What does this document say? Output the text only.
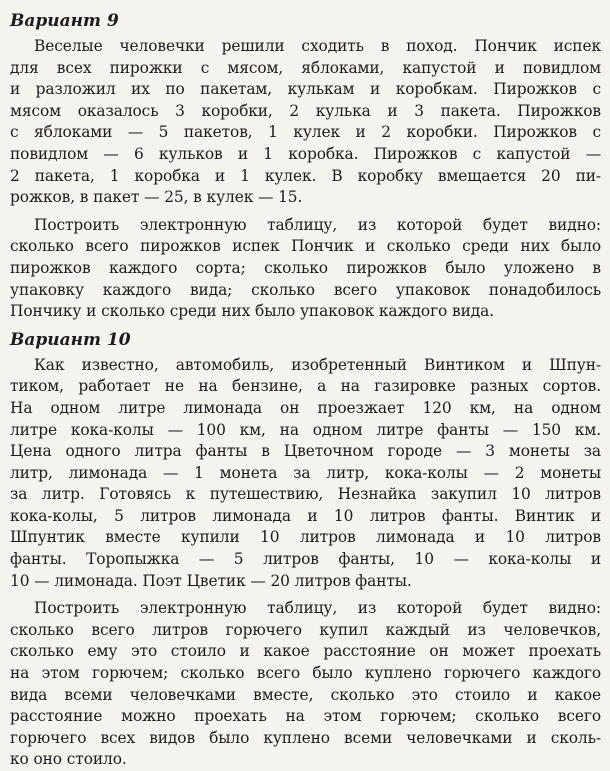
Вариант 9

Веселые человечки решили сходить в поход. Пончик испек
для всех пирожки с мясом, яблоками, капустой и повидлом
и разложил их по пакетам, кулькам и коробкам. Пирожков с
мясом оказалось 3 коробки, 2 кулька и 3 пакета. Пирожков
с яблоками — 5 пакетов, 1 кулек и 2 коробки. Пирожков с
повидлом — 6 кульков и 1 коробка. Пирожков с капустой —
2 пакета, 1 коробка и 1 кулек. В коробку вмещается 20 пи-
рожков, в пакет — 25, в кулек — 15.

Построить электронную таблицу, из которой будет видно:
сколько всего пирожков испек Пончик и сколько среди них было
пирожков каждого сорта; сколько пирожков было уложено в
упаковку каждого вида; сколько всего упаковок понадобилось
Пончику и сколько среди них было упаковок каждого вида.

Вариант 10

Как известно, автомобиль, изобретенный Винтиком и Шпун-
тиком, работает не на бензине, а на газировке разных сортов.
На одном литре лимонада он проезжает 120 км, на одном
литре кока-колы — 100 км, на одном литре фанты — 150 км.
Цена одного литра фанты в Цветочном городе — 3 монеты за
литр, лимонада — 1 монета за литр, кока-колы — 2 монеты
за литр. Готовясь к путешествию, Незнайка закупил 10 литров
кока-колы, 5 литров лимонада и 10 литров фанты. Винтик и
Шпунтик вместе купили 10 литров лимонада и 10 литров
фанты. Торопыжка — 5 литров фанты, 10 — кока-колы и
10 — лимонада. Поэт Цветик — 20 литров фанты.

Построить электронную таблицу, из которой будет видно:
сколько всего литров горючего купил каждый из человечков,
сколько ему это стоило и какое расстояние он может проехать
на этом горючем; сколько всего было куплено горючего каждого
вида всеми человечками вместе, сколько это стоило и какое
расстояние можно проехать на этом горючем; сколько всего
горючего всех видов было куплено всеми человечками и сколь-
ко оно стоило.
